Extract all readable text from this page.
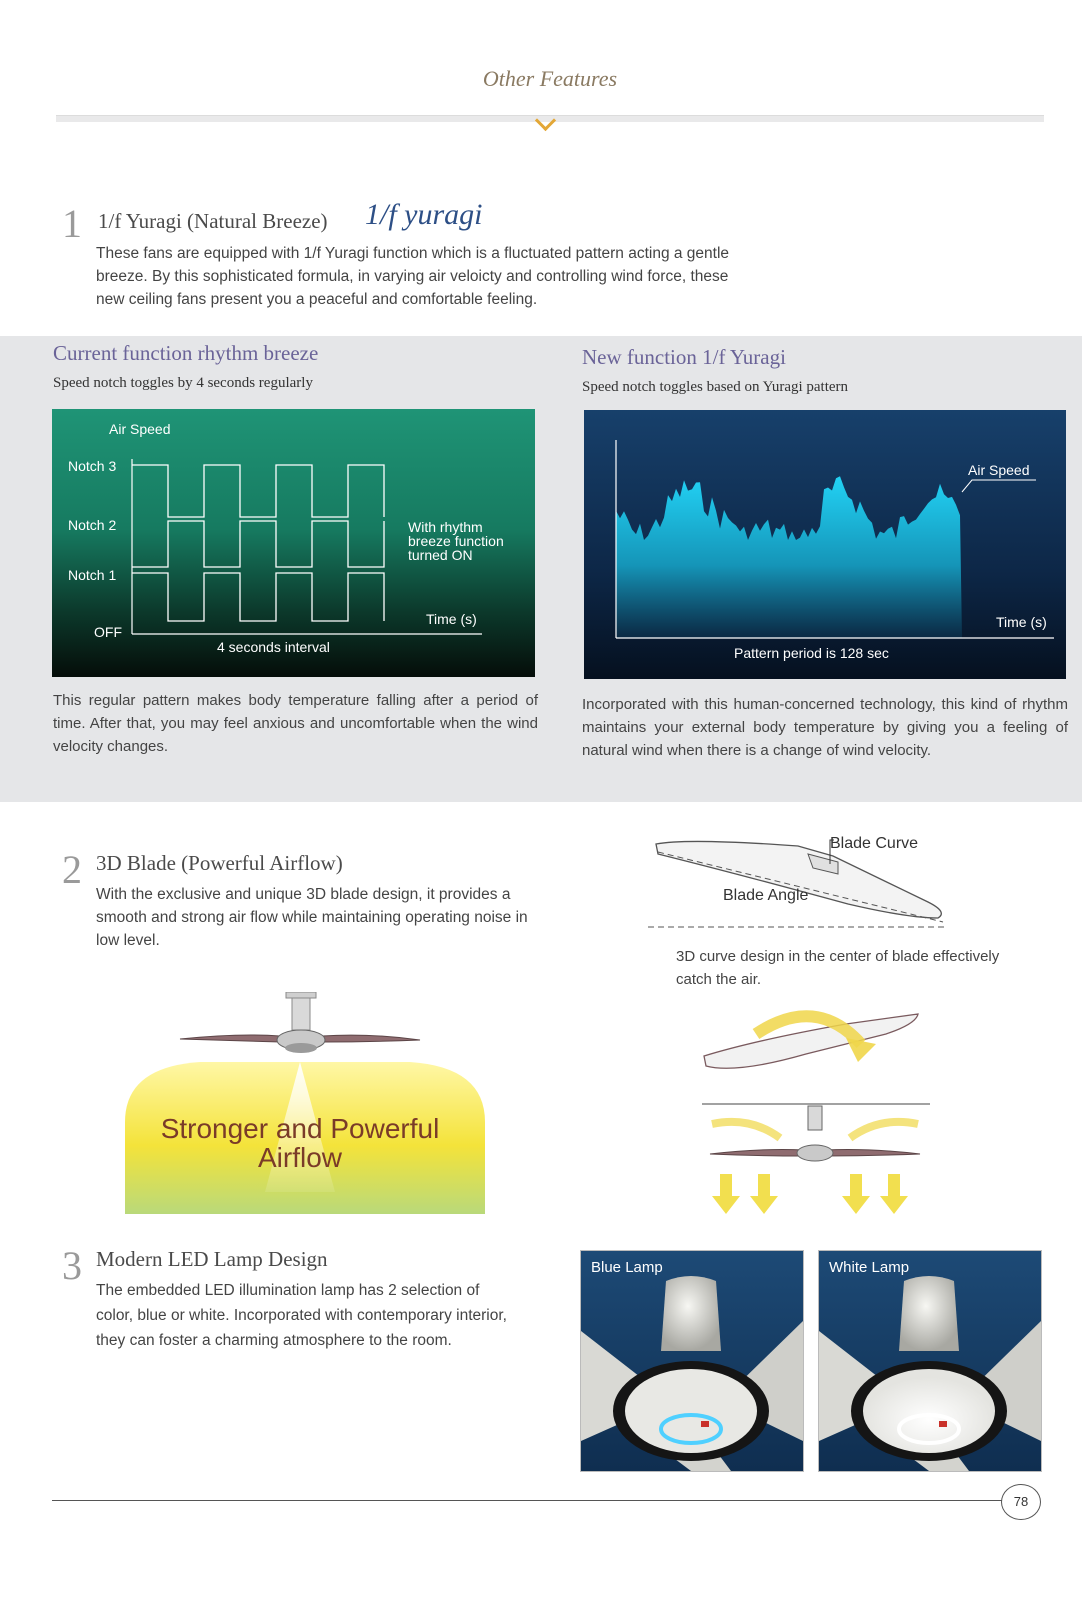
Other Features
1 1/f Yuragi (Natural Breeze) 1/f yuragi
These fans are equipped with 1/f Yuragi function which is a fluctuated pattern acting a gentle breeze. By this sophisticated formula, in varying air veloicty and controlling wind force, these new ceiling fans present you a peaceful and comfortable feeling.
Current function rhythm breeze
Speed notch toggles by 4 seconds regularly
Air Speed
Notch 3
Notch 2
Notch 1
OFF
With rhythm breeze function turned ON
Time (s)
4 seconds interval
This regular pattern makes body temperature falling after a period of time. After that, you may feel anxious and uncomfortable when the wind velocity changes.
New function 1/f Yuragi
Speed notch toggles based on Yuragi pattern
Air Speed
Time (s)
Pattern period is 128 sec
Incorporated with this human-concerned technology, this kind of rhythm maintains your external body temperature by giving you a feeling of natural wind when there is a change of wind velocity.
2 3D Blade (Powerful Airflow)
With the exclusive and unique 3D blade design, it provides a smooth and strong air flow while maintaining operating noise in low level.
Stronger and Powerful
Airflow
Blade Curve
Blade Angle
3D curve design in the center of blade effectively catch the air.
3 Modern LED Lamp Design
The embedded LED illumination lamp has 2 selection of color, blue or white. Incorporated with contemporary interior, they can foster a charming atmosphere to the room.
Blue Lamp	White Lamp
78
